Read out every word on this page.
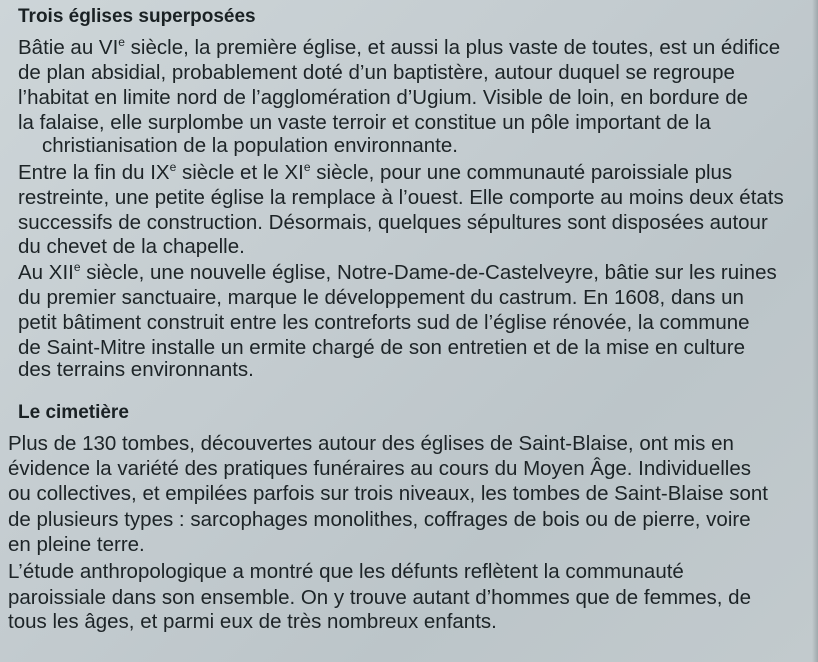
Trois églises superposées
Bâtie au VIe siècle, la première église, et aussi la plus vaste de toutes, est un édifice
de plan absidial, probablement doté d’un baptistère, autour duquel se regroupe
l’habitat en limite nord de l’agglomération d’Ugium. Visible de loin, en bordure de
la falaise, elle surplombe un vaste terroir et constitue un pôle important de la
christianisation de la population environnante.
Entre la fin du IXe siècle et le XIe siècle, pour une communauté paroissiale plus
restreinte, une petite église la remplace à l’ouest. Elle comporte au moins deux états
successifs de construction. Désormais, quelques sépultures sont disposées autour
du chevet de la chapelle.
Au XIIe siècle, une nouvelle église, Notre-Dame-de-Castelveyre, bâtie sur les ruines
du premier sanctuaire, marque le développement du castrum. En 1608, dans un
petit bâtiment construit entre les contreforts sud de l’église rénovée, la commune
de Saint-Mitre installe un ermite chargé de son entretien et de la mise en culture
des terrains environnants.
Le cimetière
Plus de 130 tombes, découvertes autour des églises de Saint-Blaise, ont mis en
évidence la variété des pratiques funéraires au cours du Moyen Âge. Individuelles
ou collectives, et empilées parfois sur trois niveaux, les tombes de Saint-Blaise sont
de plusieurs types : sarcophages monolithes, coffrages de bois ou de pierre, voire
en pleine terre.
L’étude anthropologique a montré que les défunts reflètent la communauté
paroissiale dans son ensemble. On y trouve autant d’hommes que de femmes, de
tous les âges, et parmi eux de très nombreux enfants.
